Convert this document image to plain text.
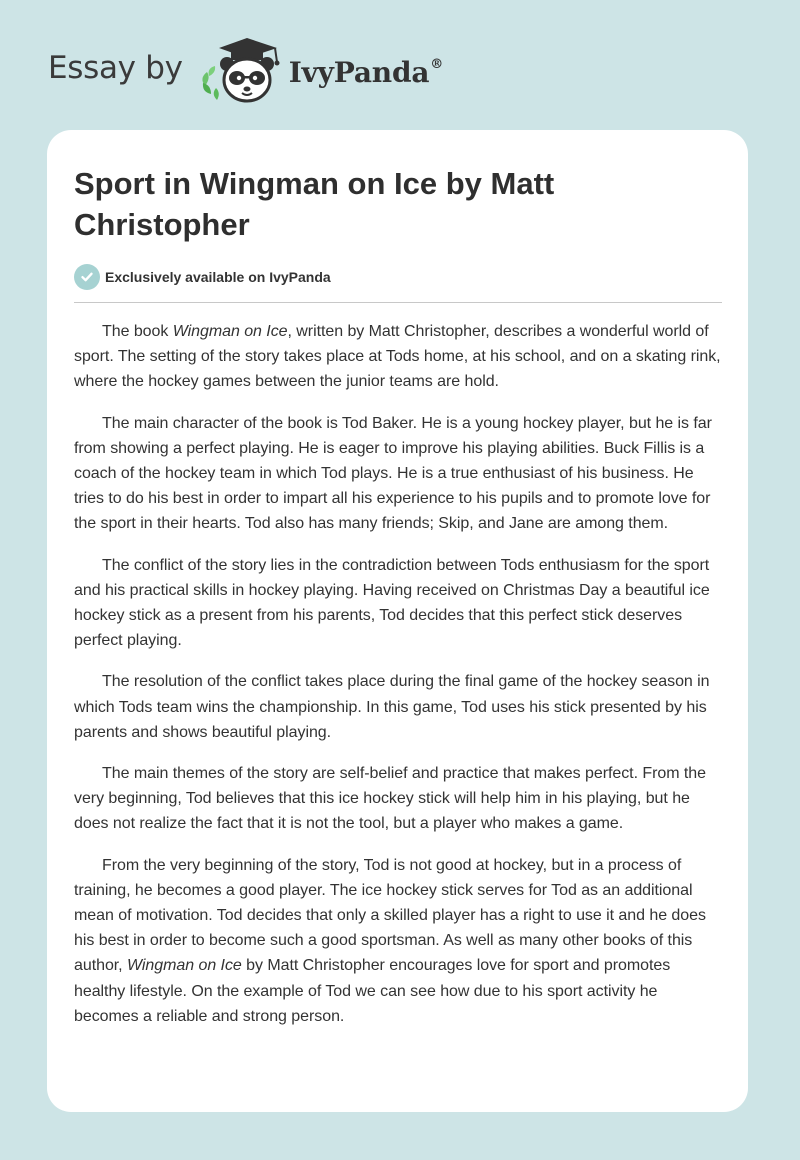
Essay by	IvyPanda®
Sport in Wingman on Ice by Matt Christopher
Exclusively available on IvyPanda

The book Wingman on Ice, written by Matt Christopher, describes a wonderful world of sport. The setting of the story takes place at Tods home, at his school, and on a skating rink, where the hockey games between the junior teams are hold.

The main character of the book is Tod Baker. He is a young hockey player, but he is far from showing a perfect playing. He is eager to improve his playing abilities. Buck Fillis is a coach of the hockey team in which Tod plays. He is a true enthusiast of his business. He tries to do his best in order to impart all his experience to his pupils and to promote love for the sport in their hearts. Tod also has many friends; Skip, and Jane are among them.

The conflict of the story lies in the contradiction between Tods enthusiasm for the sport and his practical skills in hockey playing. Having received on Christmas Day a beautiful ice hockey stick as a present from his parents, Tod decides that this perfect stick deserves perfect playing.

The resolution of the conflict takes place during the final game of the hockey season in which Tods team wins the championship. In this game, Tod uses his stick presented by his parents and shows beautiful playing.

The main themes of the story are self-belief and practice that makes perfect. From the very beginning, Tod believes that this ice hockey stick will help him in his playing, but he does not realize the fact that it is not the tool, but a player who makes a game.

From the very beginning of the story, Tod is not good at hockey, but in a process of training, he becomes a good player. The ice hockey stick serves for Tod as an additional mean of motivation. Tod decides that only a skilled player has a right to use it and he does his best in order to become such a good sportsman. As well as many other books of this author, Wingman on Ice by Matt Christopher encourages love for sport and promotes healthy lifestyle. On the example of Tod we can see how due to his sport activity he becomes a reliable and strong person.
